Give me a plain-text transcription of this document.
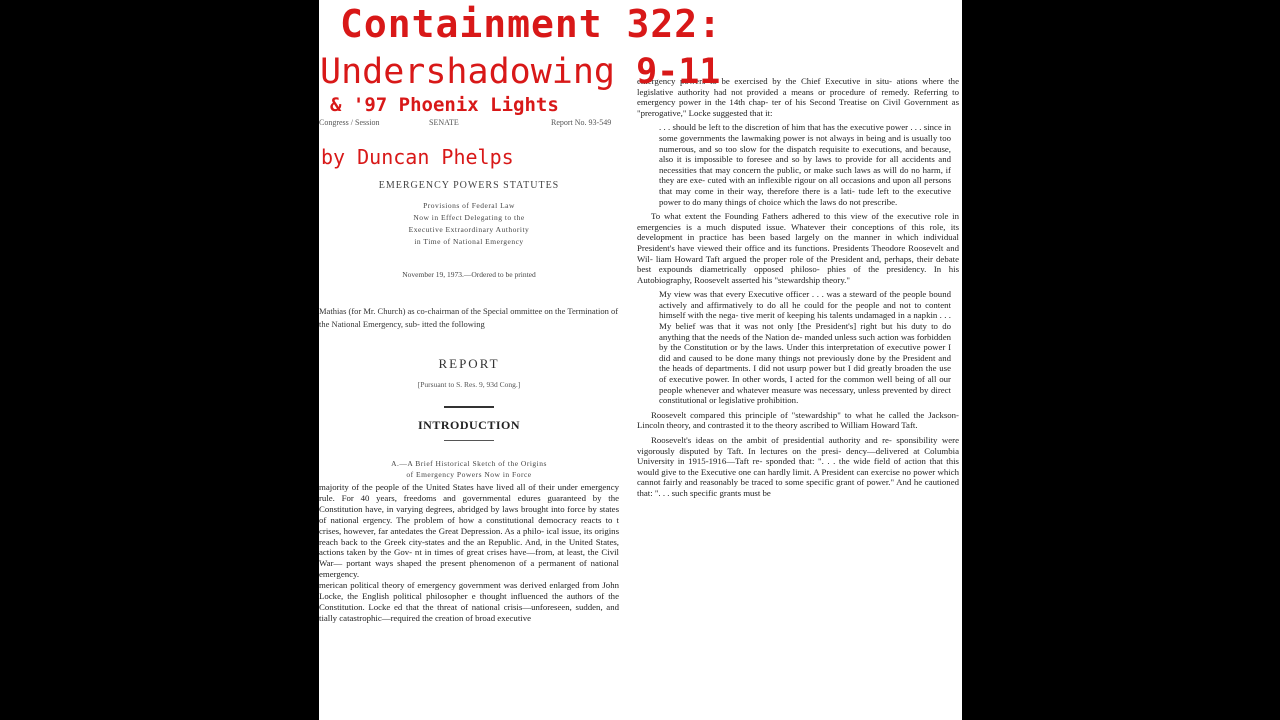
Congress / Session	SENATE	Report No. 93-549
EMERGENCY POWERS STATUTES
Provisions of Federal Law
Now in Effect Delegating to the
Executive Extraordinary Authority
in Time of National Emergency
November 19, 1973.—Ordered to be printed
Mathias (for Mr. Church) as co-chairman of the Special ommittee on the Termination of the National Emergency, sub- itted the following
REPORT
[Pursuant to S. Res. 9, 93d Cong.]
INTRODUCTION
A.—A Brief Historical Sketch of the Origins
of Emergency Powers Now in Force

majority of the people of the United States have lived all of their under emergency rule. For 40 years, freedoms and governmental edures guaranteed by the Constitution have, in varying degrees, abridged by laws brought into force by states of national ergency. The problem of how a constitutional democracy reacts to t crises, however, far antedates the Great Depression. As a philo- ical issue, its origins reach back to the Greek city-states and the an Republic. And, in the United States, actions taken by the Gov- nt in times of great crises have—from, at least, the Civil War— portant ways shaped the present phenomenon of a permanent of national emergency.

merican political theory of emergency government was derived enlarged from John Locke, the English political philosopher e thought influenced the authors of the Constitution. Locke ed that the threat of national crisis—unforeseen, sudden, and tially catastrophic—required the creation of broad executive

emergency powers to be exercised by the Chief Executive in situ- ations where the legislative authority had not provided a means or procedure of remedy. Referring to emergency power in the 14th chap- ter of his Second Treatise on Civil Government as "prerogative," Locke suggested that it:

. . . should be left to the discretion of him that has the executive power . . . since in some governments the lawmaking power is not always in being and is usually too numerous, and so too slow for the dispatch requisite to executions, and because, also it is impossible to foresee and so by laws to provide for all accidents and necessities that may concern the public, or make such laws as will do no harm, if they are exe- cuted with an inflexible rigour on all occasions and upon all persons that may come in their way, therefore there is a lati- tude left to the executive power to do many things of choice which the laws do not prescribe.

To what extent the Founding Fathers adhered to this view of the executive role in emergencies is a much disputed issue. Whatever their conceptions of this role, its development in practice has been based largely on the manner in which individual President's have viewed their office and its functions. Presidents Theodore Roosevelt and Wil- liam Howard Taft argued the proper role of the President and, perhaps, their debate best expounds diametrically opposed philoso- phies of the presidency. In his Autobiography, Roosevelt asserted his "stewardship theory."

My view was that every Executive officer . . . was a steward of the people bound actively and affirmatively to do all he could for the people and not to content himself with the nega- tive merit of keeping his talents undamaged in a napkin . . . My belief was that it was not only [the President's] right but his duty to do anything that the needs of the Nation de- manded unless such action was forbidden by the Constitution or by the laws. Under this interpretation of executive power I did and caused to be done many things not previously done by the President and the heads of departments. I did not usurp power but I did greatly broaden the use of executive power. In other words, I acted for the common well being of all our people whenever and whatever measure was necessary, unless prevented by direct constitutional or legislative prohibition.

Roosevelt compared this principle of "stewardship" to what he called the Jackson-Lincoln theory, and contrasted it to the theory ascribed to William Howard Taft.

Roosevelt's ideas on the ambit of presidential authority and re- sponsibility were vigorously disputed by Taft. In lectures on the presi- dency—delivered at Columbia University in 1915-1916—Taft re- sponded that: ". . . the wide field of action that this would give to the Executive one can hardly limit. A President can exercise no power which cannot fairly and reasonably be traced to some specific grant of power." And he cautioned that: ". . . such specific grants must be

Containment 322:
Undershadowing 9-11
& '97 Phoenix Lights
by Duncan Phelps
